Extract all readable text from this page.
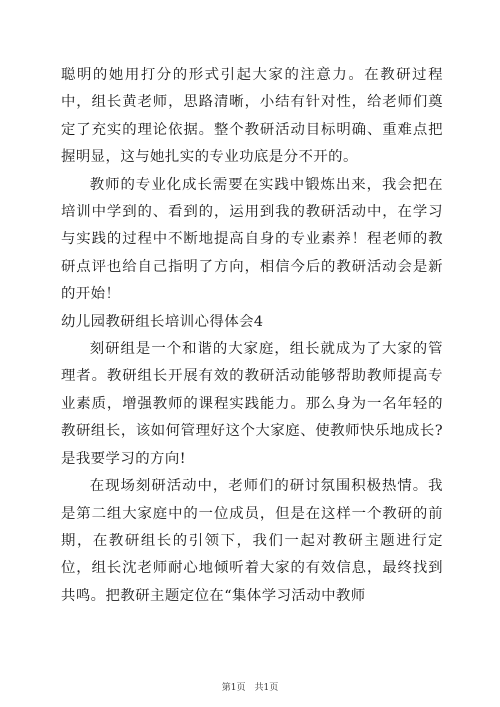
聪明的她用打分的形式引起大家的注意力。在教研过程中，组长黄老师，思路清晰，小结有针对性，给老师们奠定了充实的理论依据。整个教研活动目标明确、重难点把握明显，这与她扎实的专业功底是分不开的。

教师的专业化成长需要在实践中锻炼出来，我会把在培训中学到的、看到的，运用到我的教研活动中，在学习与实践的过程中不断地提高自身的专业素养！程老师的教研点评也给自己指明了方向，相信今后的教研活动会是新的开始！

幼儿园教研组长培训心得体会4

刻研组是一个和谐的大家庭，组长就成为了大家的管理者。教研组长开展有效的教研活动能够帮助教师提高专业素质，增强教师的课程实践能力。那么身为一名年轻的教研组长，该如何管理好这个大家庭、使教师快乐地成长?是我要学习的方向!

在现场刻研活动中，老师们的研讨氛围积极热情。我是第二组大家庭中的一位成员，但是在这样一个教研的前期，在教研组长的引领下，我们一起对教研主题进行定位，组长沈老师耐心地倾听着大家的有效信息，最终找到共鸣。把教研主题定位在“集体学习活动中教师

第1页　共1页
